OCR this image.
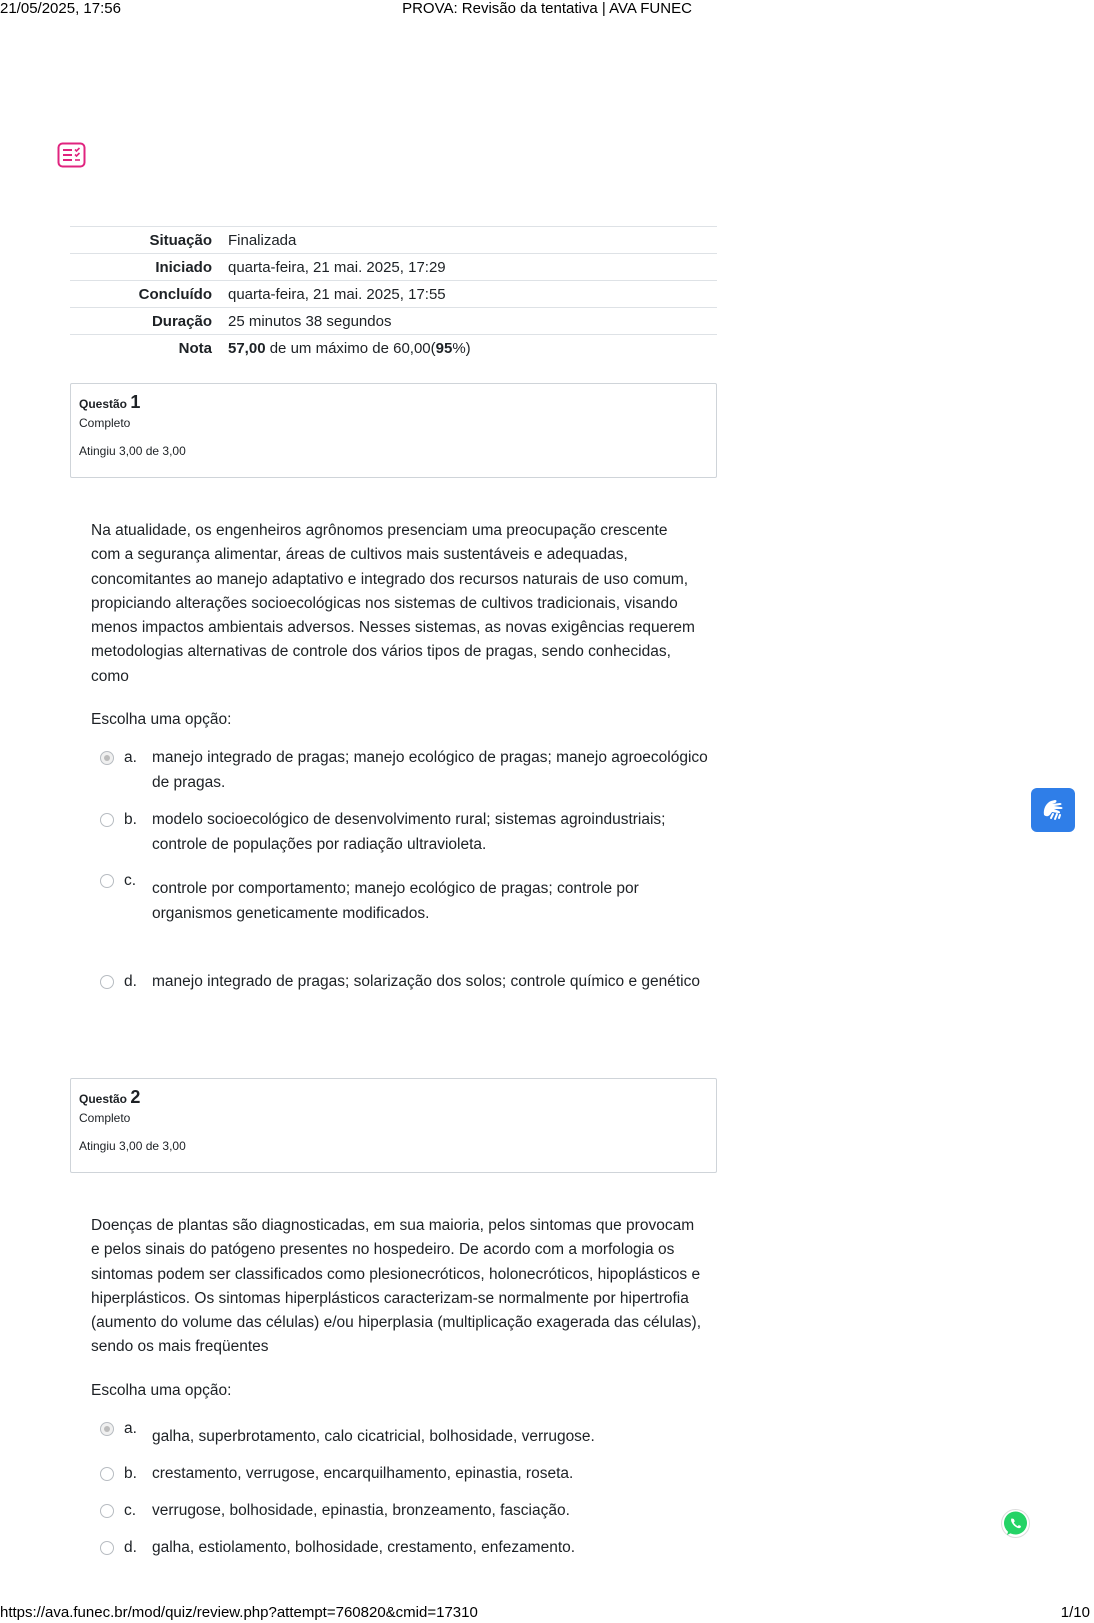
21/05/2025, 17:56	PROVA: Revisão da tentativa | AVA FUNEC
Situação	Finalizada
Iniciado	quarta-feira, 21 mai. 2025, 17:29
Concluído	quarta-feira, 21 mai. 2025, 17:55
Duração	25 minutos 38 segundos
Nota	57,00 de um máximo de 60,00(95%)
Questão 1
Completo
Atingiu 3,00 de 3,00
Na atualidade, os engenheiros agrônomos presenciam uma preocupação crescente com a segurança alimentar, áreas de cultivos mais sustentáveis e adequadas, concomitantes ao manejo adaptativo e integrado dos recursos naturais de uso comum, propiciando alterações socioecológicas nos sistemas de cultivos tradicionais, visando menos impactos ambientais adversos. Nesses sistemas, as novas exigências requerem metodologias alternativas de controle dos vários tipos de pragas, sendo conhecidas, como
Escolha uma opção:
a. manejo integrado de pragas; manejo ecológico de pragas; manejo agroecológico de pragas.
b. modelo socioecológico de desenvolvimento rural; sistemas agroindustriais; controle de populações por radiação ultravioleta.
c. controle por comportamento; manejo ecológico de pragas; controle por organismos geneticamente modificados.
d. manejo integrado de pragas; solarização dos solos; controle químico e genético
Questão 2
Completo
Atingiu 3,00 de 3,00
Doenças de plantas são diagnosticadas, em sua maioria, pelos sintomas que provocam e pelos sinais do patógeno presentes no hospedeiro. De acordo com a morfologia os sintomas podem ser classificados como plesionecróticos, holonecróticos, hipoplásticos e hiperplásticos. Os sintomas hiperplásticos caracterizam-se normalmente por hipertrofia (aumento do volume das células) e/ou hiperplasia (multiplicação exagerada das células), sendo os mais freqüentes
Escolha uma opção:
a. galha, superbrotamento, calo cicatricial, bolhosidade, verrugose.
b. crestamento, verrugose, encarquilhamento, epinastia, roseta.
c. verrugose, bolhosidade, epinastia, bronzeamento, fasciação.
d. galha, estiolamento, bolhosidade, crestamento, enfezamento.
https://ava.funec.br/mod/quiz/review.php?attempt=760820&cmid=17310	1/10
